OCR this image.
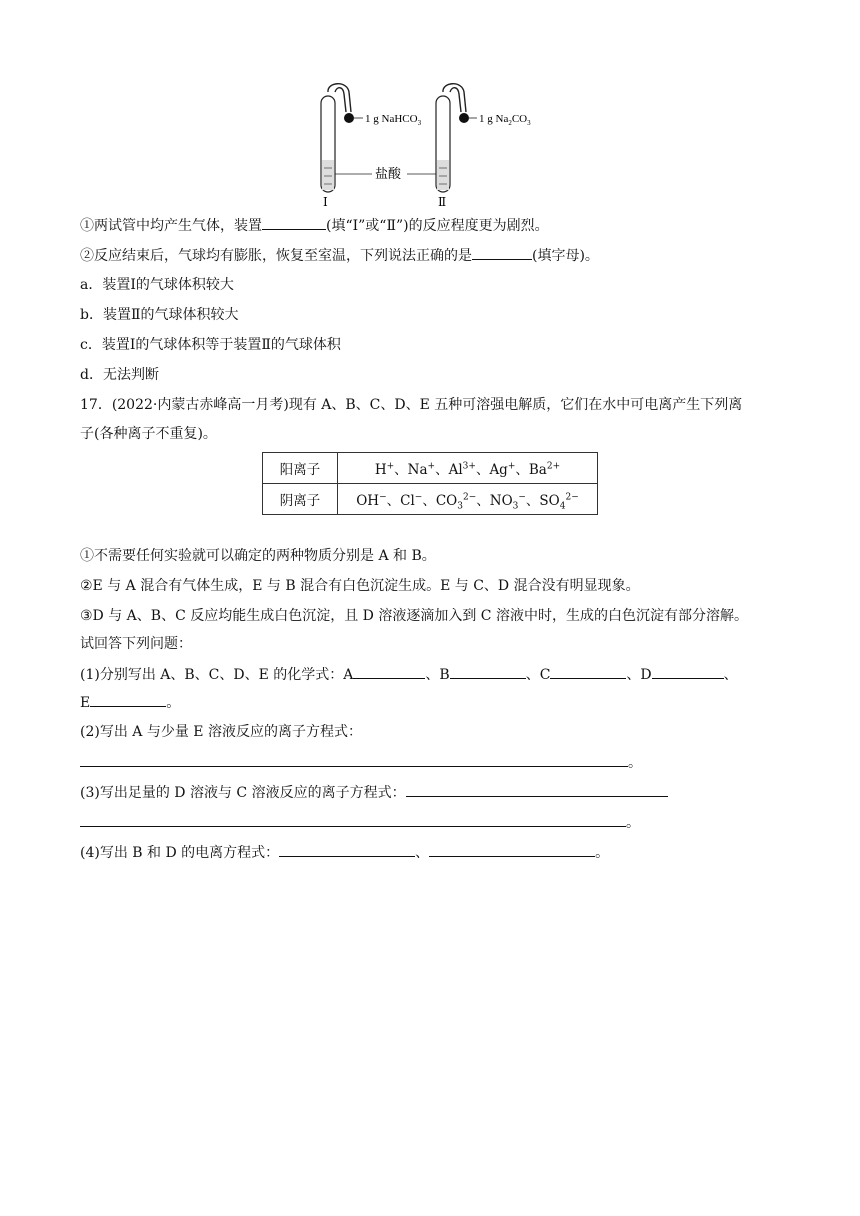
1 g NaHCO$_3$
Ⅰ
1 g $Na_2CO_3$
Ⅱ
盐酸
①两试管中均产生气体，装置	(填“Ⅰ”或“Ⅱ”)的反应程度更为剧烈。
②反应结束后，气球均有膨胀，恢复至室温，下列说法正确的是	(填字母)。
a．装置Ⅰ的气球体积较大
b．装置Ⅱ的气球体积较大
c．装置Ⅰ的气球体积等于装置Ⅱ的气球体积
d．无法判断
17．(2022·内蒙古赤峰高一月考)现有 A、B、C、D、E 五种可溶强电解质，它们在水中可电离产生下列离
子(各种离子不重复)。
阳离子	H+、Na+、$Al^{3+}$、Ag+、$Ba^{2+}$
阴离子	OH−、Cl−、$CO_3^{2-}$、$NO_3^-$、$SO_4^{2-}$
①不需要任何实验就可以确定的两种物质分别是 A 和 B。
②E 与 A 混合有气体生成，E 与 B 混合有白色沉淀生成。E 与 C、D 混合没有明显现象。
③D 与 A、B、C 反应均能生成白色沉淀，且 D 溶液逐滴加入到 C 溶液中时，生成的白色沉淀有部分溶解。
试回答下列问题：
(1)分别写出 A、B、C、D、E 的化学式：A	、B	、C	、D	、
E	。
(2)写出 A 与少量 E 溶液反应的离子方程式：
。
(3)写出足量的 D 溶液与 C 溶液反应的离子方程式：
。
(4)写出 B 和 D 的电离方程式：	、	。
